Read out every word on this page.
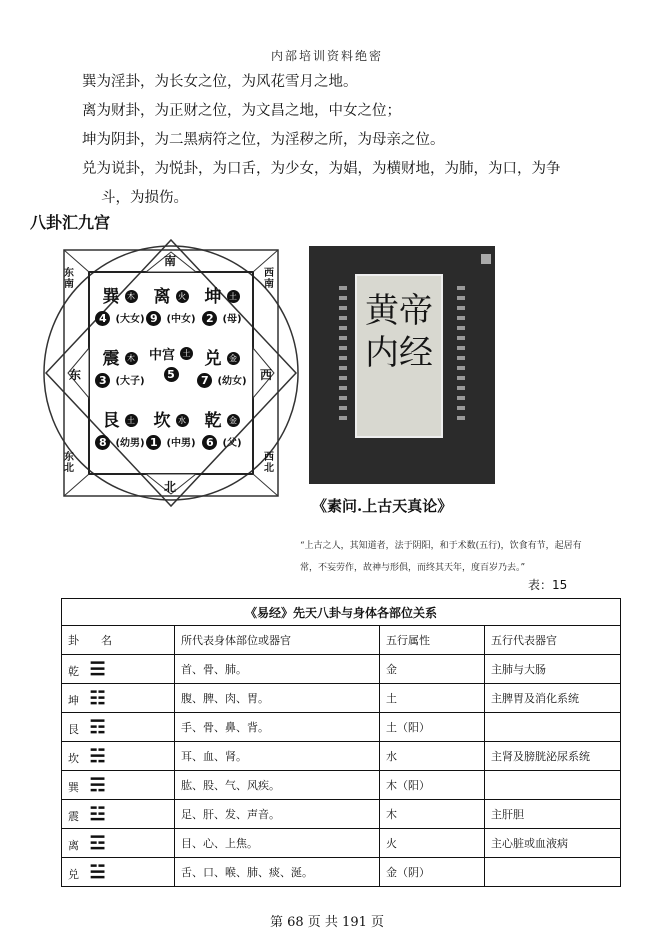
内部培训资料绝密
巽为淫卦，为长女之位，为风花雪月之地。
离为财卦，为正财之位，为文昌之地，中女之位；
坤为阴卦，为二黑病符之位，为淫秽之所，为母亲之位。
兑为说卦，为悦卦，为口舌，为少女，为娼，为横财地，为肺，为口，为争
斗，为损伤。
八卦汇九宫
南
北
东	西
东南
西南
东北
西北
巽 木
4 (大女)
离 火
9 (中女)
坤 土
2 (母)
震 木
3 (大子)
中宫 土
5
兑 金
7 (幼女)
艮 土
8 (幼男)
坎 水
1 (中男)
乾 金
6 (父)
黄帝
内经
《素问.上古天真论》
“上古之人，其知道者，法于阴阳，和于术数(五行)，饮食有节，起居有
常，不妄劳作，故神与形俱，而终其天年，度百岁乃去。”
表：15
《易经》先天八卦与身体各部位关系			
卦　　名	所代表身体部位或器官	五行属性	五行代表器官
乾 ☰	首、骨、肺。	金	主肺与大肠
坤 ☷	腹、脾、肉、胃。	土	主脾胃及消化系统
艮 ☶	手、骨、鼻、背。	土（阳）	
坎 ☵	耳、血、肾。	水	主肾及膀胱泌尿系统
巽 ☴	肱、股、气、风疾。	木（阳）	
震 ☳	足、肝、发、声音。	木	主肝胆
离 ☲	目、心、上焦。	火	主心脏或血液病
兑 ☱	舌、口、喉、肺、痰、涎。	金（阴）	
第 68 页 共 191 页
